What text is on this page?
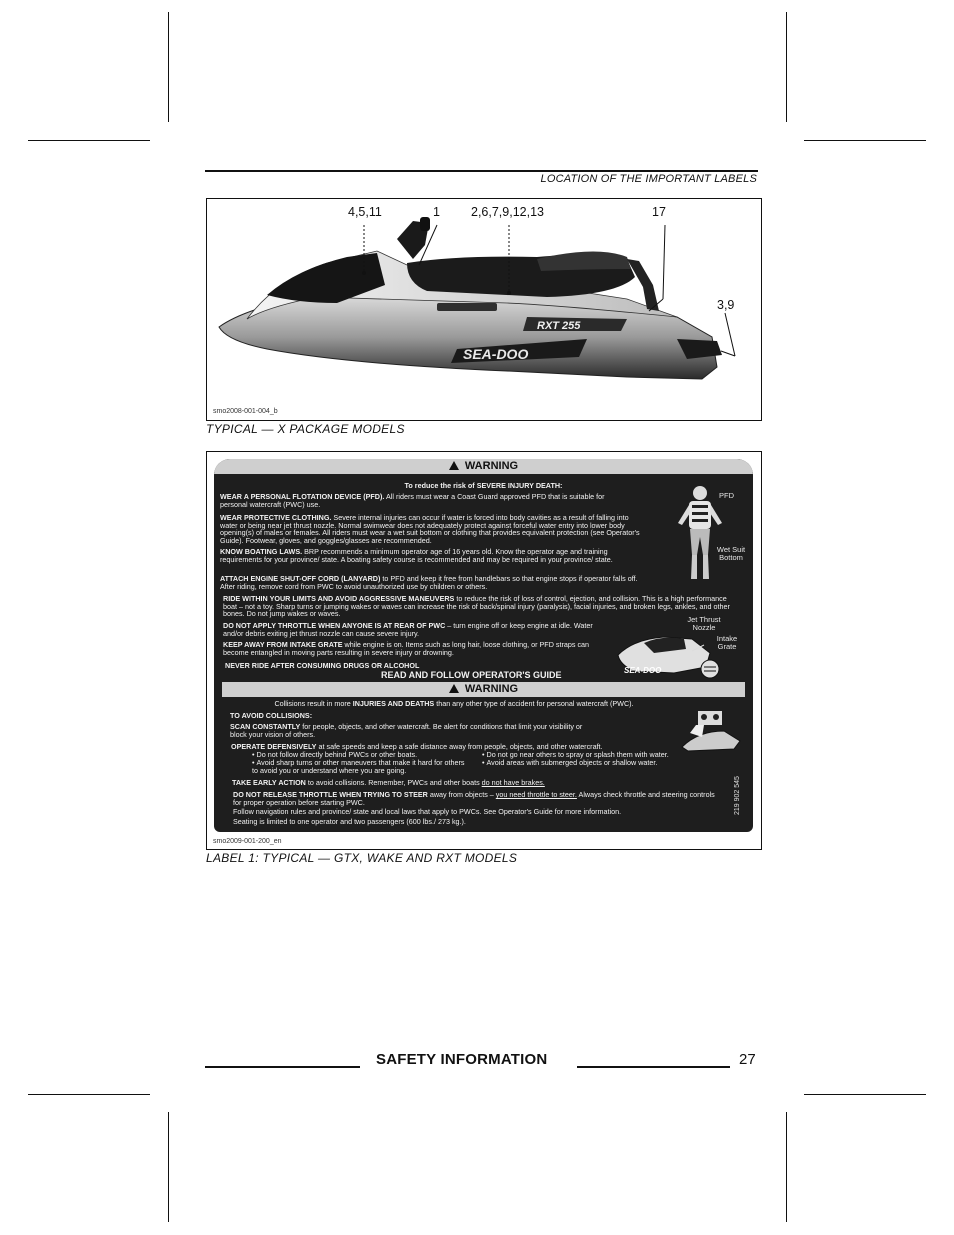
LOCATION OF THE IMPORTANT LABELS
4,5,11	1 2,6,7,9,12,13	17
3,9
SEA-DOO
RXT 255
smo2008-001-004_b
TYPICAL — X PACKAGE MODELS
WARNING
To reduce the risk of SEVERE INJURY DEATH:
WEAR A PERSONAL FLOTATION DEVICE (PFD). All riders must wear a Coast Guard approved PFD that is suitable for personal watercraft (PWC) use.
WEAR PROTECTIVE CLOTHING. Severe internal injuries can occur if water is forced into body cavities as a result of falling into water or being near jet thrust nozzle. Normal swimwear does not adequately protect against forceful water entry into lower body opening(s) of males or females. All riders must wear a wet suit bottom or clothing that provides equivalent protection (see Operator's Guide). Footwear, gloves, and goggles/glasses are recommended.
KNOW BOATING LAWS. BRP recommends a minimum operator age of 16 years old. Know the operator age and training requirements for your province/ state. A boating safety course is recommended and may be required in your province/ state.
ATTACH ENGINE SHUT-OFF CORD (LANYARD) to PFD and keep it free from handlebars so that engine stops if operator falls off. After riding, remove cord from PWC to avoid unauthorized use by children or others.
RIDE WITHIN YOUR LIMITS AND AVOID AGGRESSIVE MANEUVERS to reduce the risk of loss of control, ejection, and collision. This is a high performance boat – not a toy. Sharp turns or jumping wakes or waves can increase the risk of back/spinal injury (paralysis), facial injuries, and broken legs, ankles, and other bones. Do not jump wakes or waves.
DO NOT APPLY THROTTLE WHEN ANYONE IS AT REAR OF PWC – turn engine off or keep engine at idle. Water and/or debris exiting jet thrust nozzle can cause severe injury.
KEEP AWAY FROM INTAKE GRATE while engine is on. Items such as long hair, loose clothing, or PFD straps can become entangled in moving parts resulting in severe injury or drowning.
NEVER RIDE AFTER CONSUMING DRUGS OR ALCOHOL
READ AND FOLLOW OPERATOR'S GUIDE
PFD
Wet Suit Bottom
SEA-DOO
Jet Thrust Nozzle
Intake Grate
WARNING
Collisions result in more INJURIES AND DEATHS than any other type of accident for personal watercraft (PWC).
TO AVOID COLLISIONS:
SCAN CONSTANTLY for people, objects, and other watercraft. Be alert for conditions that limit your visibility or block your vision of others.
OPERATE DEFENSIVELY at safe speeds and keep a safe distance away from people, objects, and other watercraft.
• Do not follow directly behind PWCs or other boats.
• Avoid sharp turns or other maneuvers that make it hard for others to avoid you or understand where you are going.
• Do not go near others to spray or splash them with water.
• Avoid areas with submerged objects or shallow water.
TAKE EARLY ACTION to avoid collisions. Remember, PWCs and other boats do not have brakes.
DO NOT RELEASE THROTTLE WHEN TRYING TO STEER away from objects – you need throttle to steer. Always check throttle and steering controls for proper operation before starting PWC.
Follow navigation rules and province/ state and local laws that apply to PWCs. See Operator's Guide for more information.
Seating is limited to one operator and two passengers (600 lbs./ 273 kg.).
219 902 545
smo2009-001-200_en
LABEL 1: TYPICAL — GTX, WAKE AND RXT MODELS
SAFETY INFORMATION	27
